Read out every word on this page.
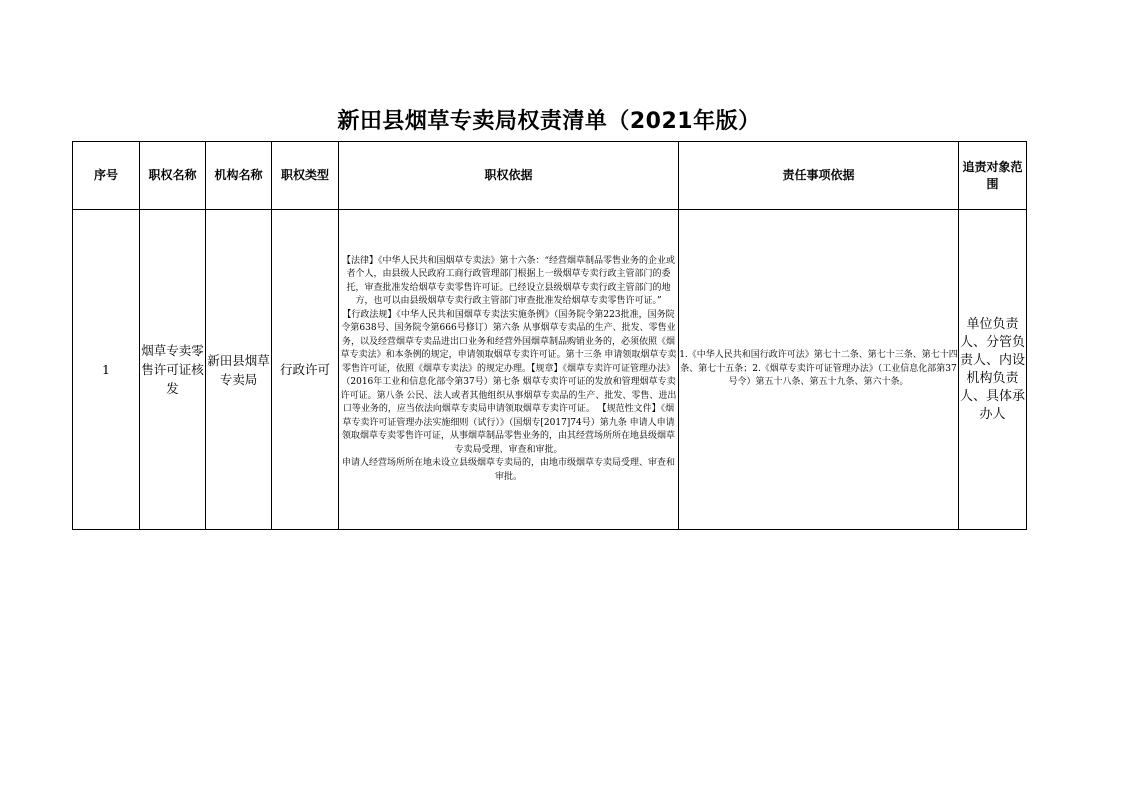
新田县烟草专卖局权责清单（2021年版）
序号	职权名称	机构名称	职权类型	职权依据	责任事项依据	追责对象范围
1	烟草专卖零售许可证核发	新田县烟草专卖局	行政许可	【法律】《中华人民共和国烟草专卖法》第十六条：“经营烟草制品零售业务的企业或者个人，由县级人民政府工商行政管理部门根据上一级烟草专卖行政主管部门的委托，审查批准发给烟草专卖零售许可证。已经设立县级烟草专卖行政主管部门的地方，也可以由县级烟草专卖行政主管部门审查批准发给烟草专卖零售许可证。”

【行政法规】《中华人民共和国烟草专卖法实施条例》（国务院令第223批准，国务院令第638号、国务院令第666号修订）第六条 从事烟草专卖品的生产、批发、零售业务，以及经营烟草专卖品进出口业务和经营外国烟草制品购销业务的，必须依照《烟草专卖法》和本条例的规定，申请领取烟草专卖许可证。第十三条 申请领取烟草专卖零售许可证，依照《烟草专卖法》的规定办理。【规章】《烟草专卖许可证管理办法》（2016年工业和信息化部令第37号）第七条 烟草专卖许可证的发放和管理烟草专卖许可证。第八条 公民、法人或者其他组织从事烟草专卖品的生产、批发、零售、进出口等业务的，应当依法向烟草专卖局申请领取烟草专卖许可证。 【规范性文件】《烟草专卖许可证管理办法实施细则（试行）》（国烟专[2017]74号）第九条 申请人申请领取烟草专卖零售许可证，从事烟草制品零售业务的，由其经营场所所在地县级烟草专卖局受理、审查和审批。

申请人经营场所所在地未设立县级烟草专卖局的，由地市级烟草专卖局受理、审查和审批。	1.《中华人民共和国行政许可法》第七十二条、第七十三条、第七十四条、第七十五条；2.《烟草专卖许可证管理办法》（工业信息化部第37号令）第五十八条、第五十九条、第六十条。	单位负责人、分管负责人、内设机构负责人、具体承办人
